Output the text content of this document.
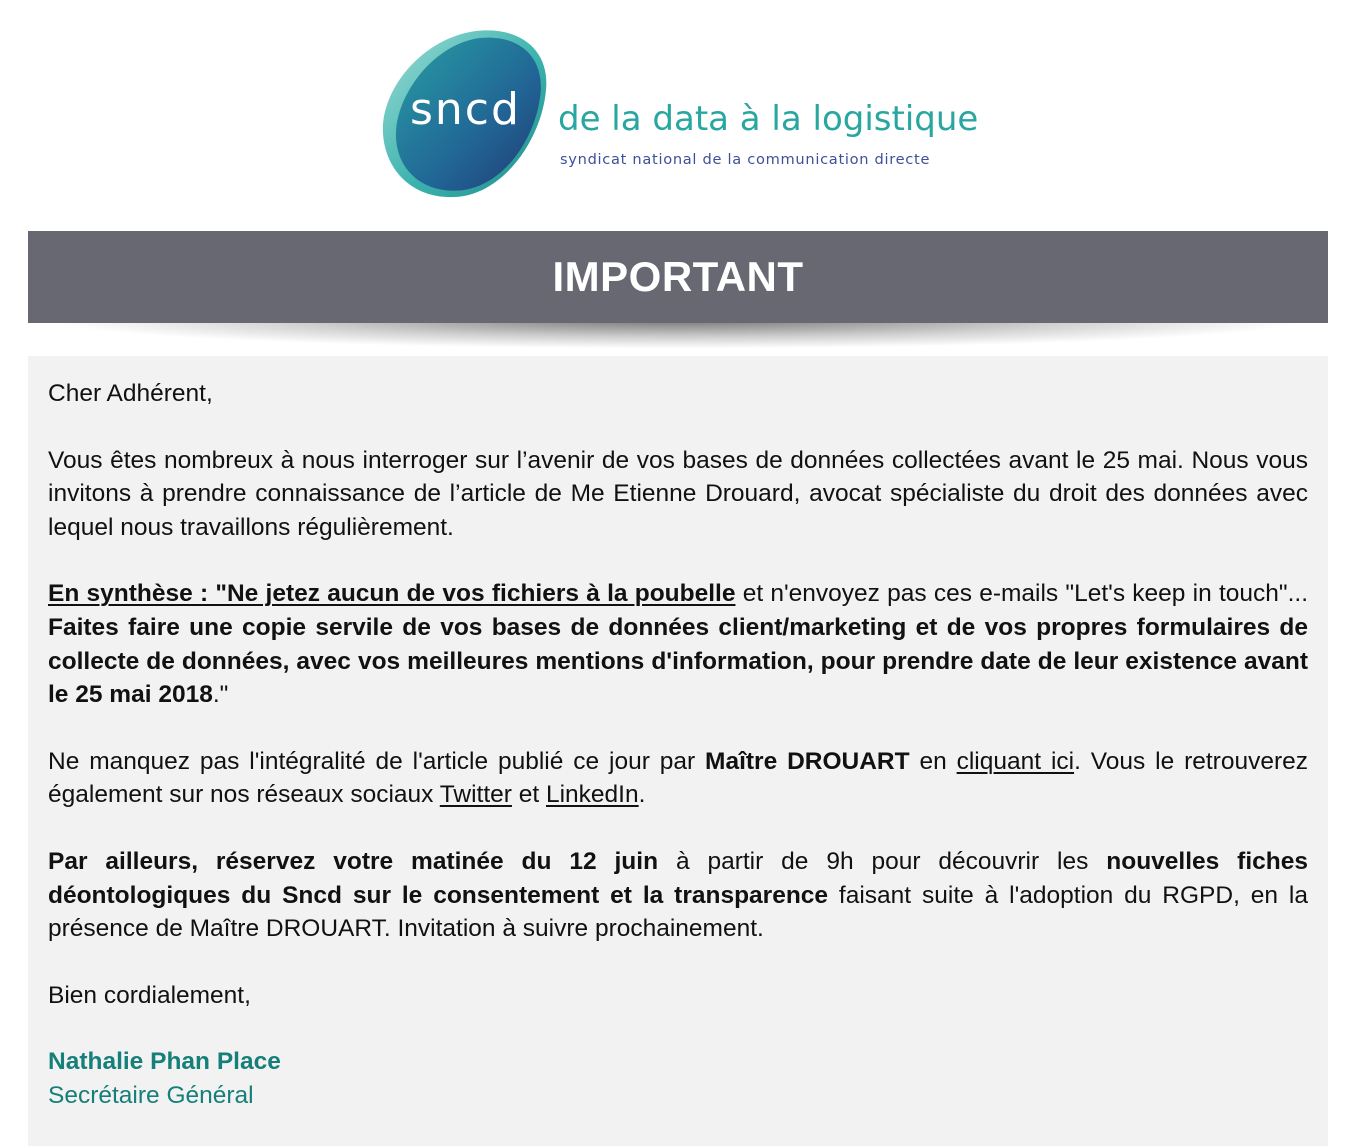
sncd de la data à la logistique
syndicat national de la communication directe
IMPORTANT

Cher Adhérent,

Vous êtes nombreux à nous interroger sur l’avenir de vos bases de données collectées avant le 25 mai. Nous vous invitons à prendre connaissance de l’article de Me Etienne Drouard, avocat spécialiste du droit des données avec lequel nous travaillons régulièrement.

En synthèse : "Ne jetez aucun de vos fichiers à la poubelle et n'envoyez pas ces e-mails "Let's keep in touch"... Faites faire une copie servile de vos bases de données client/marketing et de vos propres formulaires de collecte de données, avec vos meilleures mentions d'information, pour prendre date de leur existence avant le 25 mai 2018."

Ne manquez pas l'intégralité de l'article publié ce jour par Maître DROUART en cliquant ici. Vous le retrouverez également sur nos réseaux sociaux Twitter et LinkedIn.

Par ailleurs, réservez votre matinée du 12 juin à partir de 9h pour découvrir les nouvelles fiches déontologiques du Sncd sur le consentement et la transparence faisant suite à l'adoption du RGPD, en la présence de Maître DROUART. Invitation à suivre prochainement.

Bien cordialement,

Nathalie Phan Place
Secrétaire Général
